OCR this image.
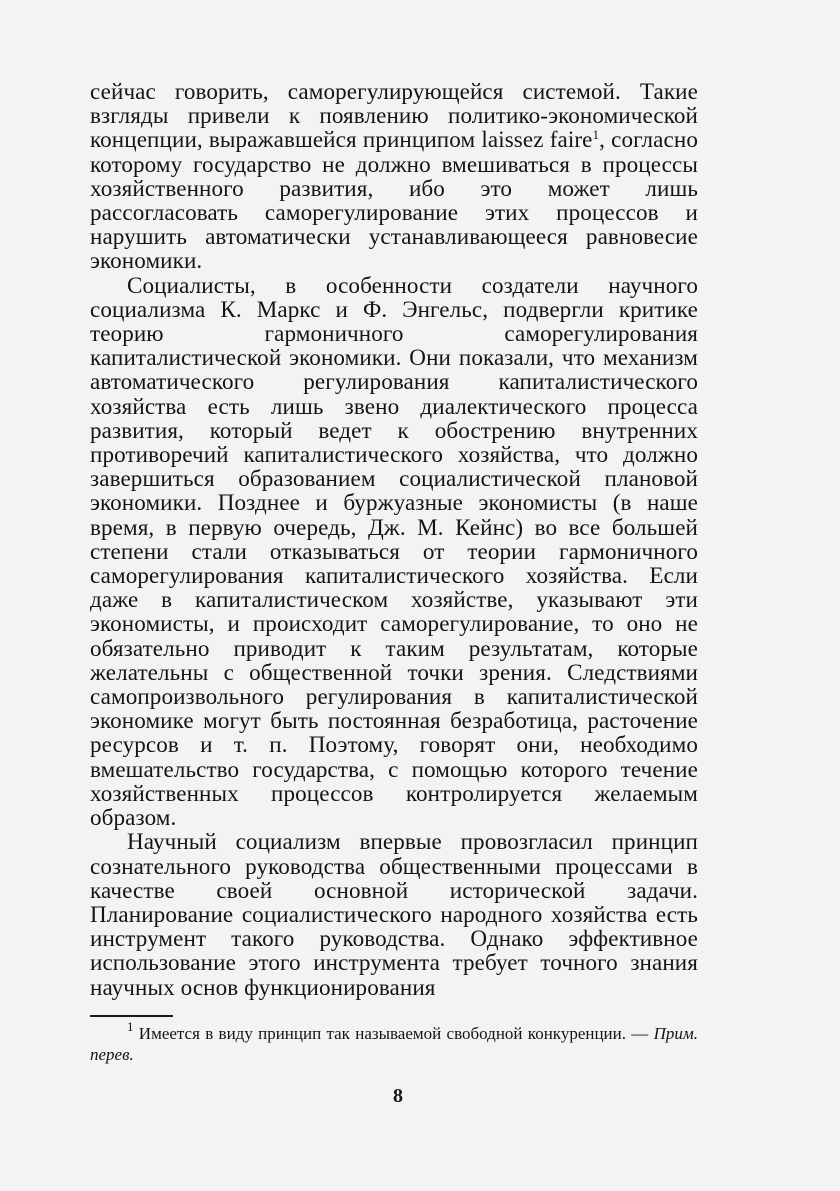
сейчас говорить, саморегулирующейся системой. Такие взгляды привели к появлению политико-экономической концепции, выражавшейся принципом laissez faire$^1$, согласно которому государство не должно вмешиваться в процессы хозяйственного развития, ибо это может лишь рассогласовать саморегулирование этих процессов и нарушить автоматически устанавливающееся равновесие экономики.

Социалисты, в особенности создатели научного социализма К. Маркс и Ф. Энгельс, подвергли критике теорию гармоничного саморегулирования капиталистической экономики. Они показали, что механизм автоматического регулирования капиталистического хозяйства есть лишь звено диалектического процесса развития, который ведет к обострению внутренних противоречий капиталистического хозяйства, что должно завершиться образованием социалистической плановой экономики. Позднее и буржуазные экономисты (в наше время, в первую очередь, Дж. М. Кейнс) во все большей степени стали отказываться от теории гармоничного саморегулирования капиталистического хозяйства. Если даже в капиталистическом хозяйстве, указывают эти экономисты, и происходит саморегулирование, то оно не обязательно приводит к таким результатам, которые желательны с общественной точки зрения. Следствиями самопроизвольного регулирования в капиталистической экономике могут быть постоянная безработица, расточение ресурсов и т. п. Поэтому, говорят они, необходимо вмешательство государства, с помощью которого течение хозяйственных процессов контролируется желаемым образом.

Научный социализм впервые провозгласил принцип сознательного руководства общественными процессами в качестве своей основной исторической задачи. Планирование социалистического народного хозяйства есть инструмент такого руководства. Однако эффективное использование этого инструмента требует точного знания научных основ функционирования

$^1$ Имеется в виду принцип так называемой свободной конкуренции. — Прим. перев.

8
